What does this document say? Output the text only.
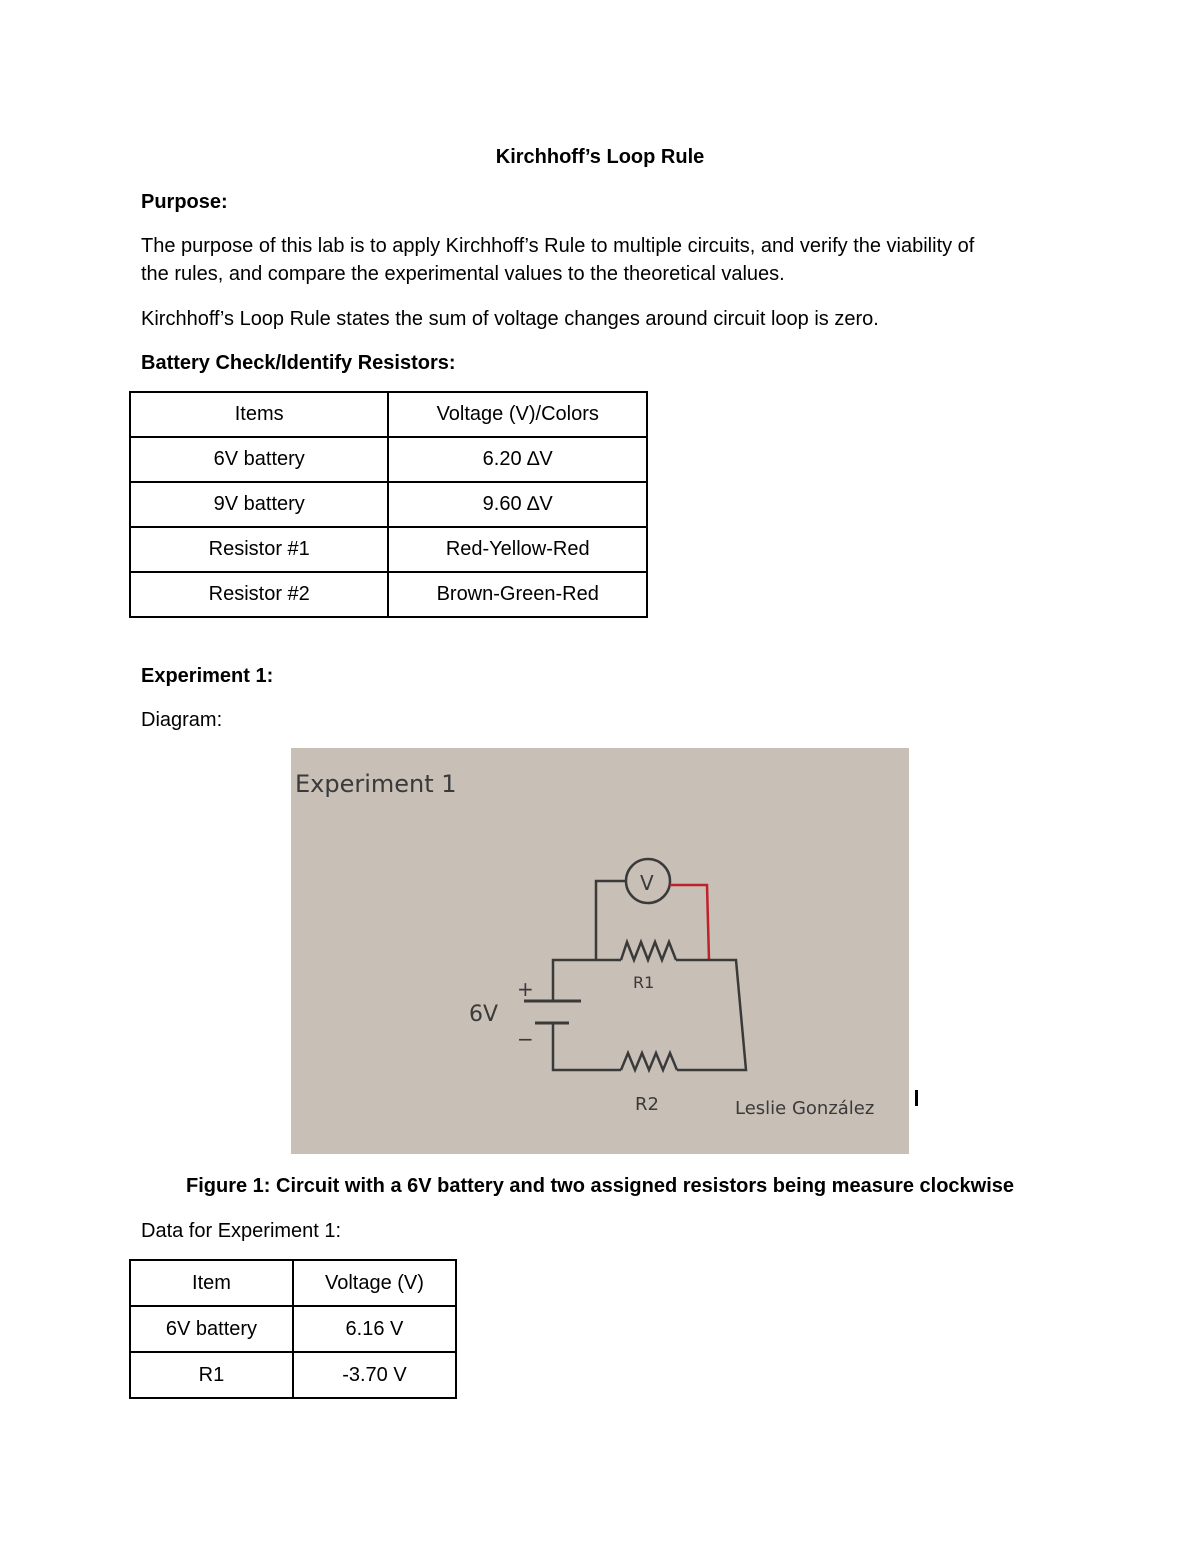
Kirchhoff’s Loop Rule
Purpose:
The purpose of this lab is to apply Kirchhoff’s Rule to multiple circuits, and verify the viability of
the rules, and compare the experimental values to the theoretical values.
Kirchhoff’s Loop Rule states the sum of voltage changes around circuit loop is zero.
Battery Check/Identify Resistors:
Items	Voltage (V)/Colors
6V battery	6.20 ∆V
9V battery	9.60 ∆V
Resistor #1	Red-Yellow-Red
Resistor #2	Brown-Green-Red
Experiment 1:
Diagram:
Experiment 1
V
R1
+
−
6V
R2	Leslie González
Figure 1: Circuit with a 6V battery and two assigned resistors being measure clockwise
Data for Experiment 1:
Item	Voltage (V)
6V battery	6.16 V
R1	-3.70 V
